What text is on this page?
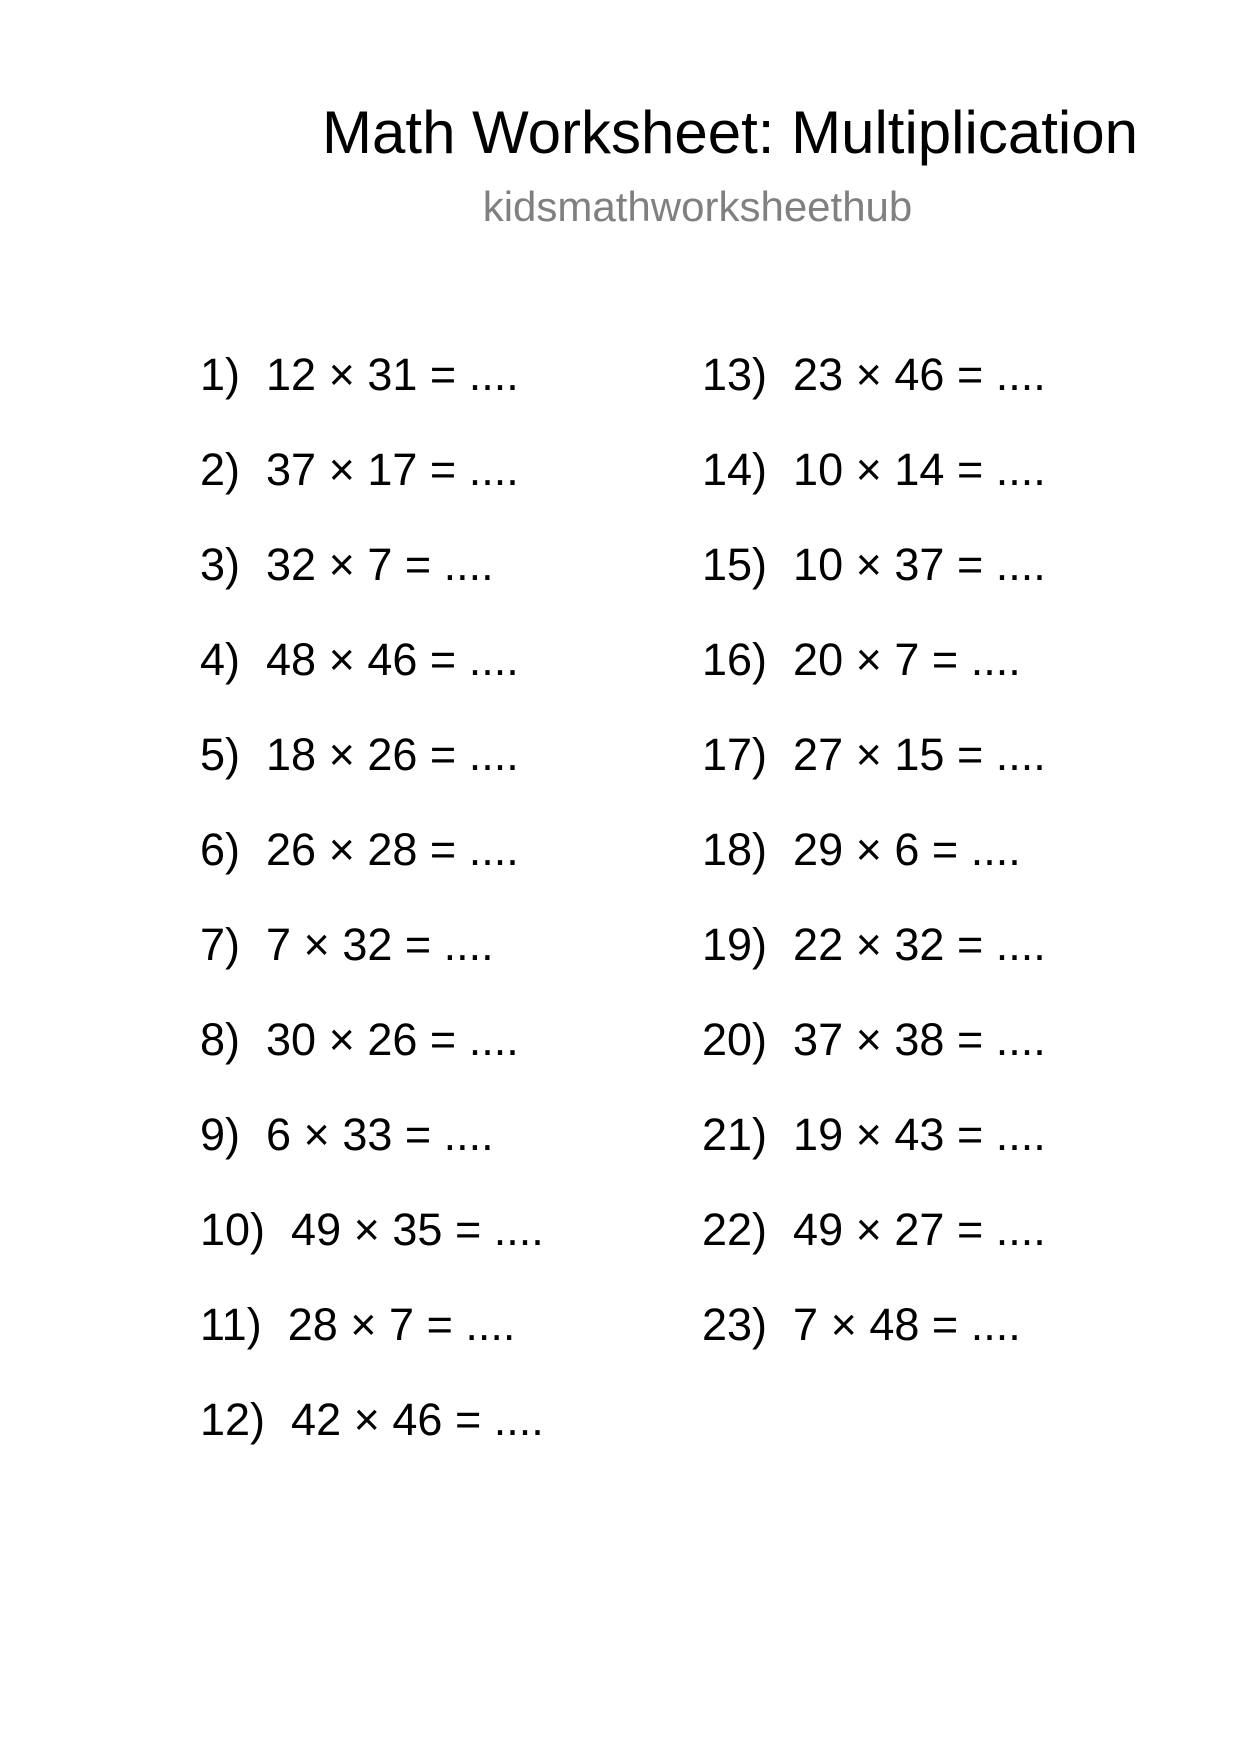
Math Worksheet: Multiplication
kidsmathworksheethub
1) 12 × 31 = ....
2) 37 × 17 = ....
3) 32 × 7 = ....
4) 48 × 46 = ....
5) 18 × 26 = ....
6) 26 × 28 = ....
7) 7 × 32 = ....
8) 30 × 26 = ....
9) 6 × 33 = ....
10) 49 × 35 = ....
11) 28 × 7 = ....
12) 42 × 46 = ....
13) 23 × 46 = ....
14) 10 × 14 = ....
15) 10 × 37 = ....
16) 20 × 7 = ....
17) 27 × 15 = ....
18) 29 × 6 = ....
19) 22 × 32 = ....
20) 37 × 38 = ....
21) 19 × 43 = ....
22) 49 × 27 = ....
23) 7 × 48 = ....
